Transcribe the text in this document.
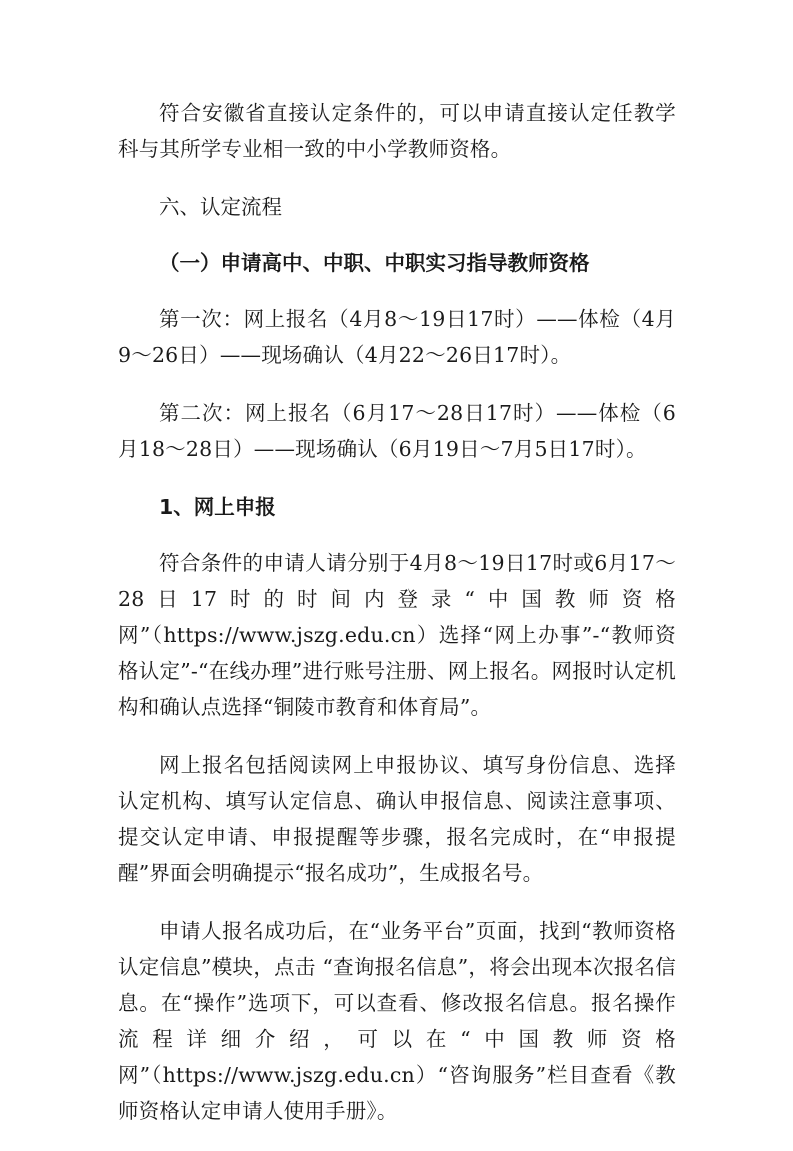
符合安徽省直接认定条件的，可以申请直接认定任教学科与其所学专业相一致的中小学教师资格。

六、认定流程

（一）申请高中、中职、中职实习指导教师资格

第一次：网上报名（4月8～19日17时）——体检（4月9～26日）——现场确认（4月22～26日17时）。

第二次：网上报名（6月17～28日17时）——体检（6月18～28日）——现场确认（6月19日～7月5日17时）。

1、网上申报

符合条件的申请人请分别于4月8～19日17时或6月17～28日17时的时间内登录“中国教师资格网”（https://www.jszg.edu.cn）选择“网上办事”-“教师资格认定”-“在线办理”进行账号注册、网上报名。网报时认定机构和确认点选择“铜陵市教育和体育局”。

网上报名包括阅读网上申报协议、填写身份信息、选择认定机构、填写认定信息、确认申报信息、阅读注意事项、提交认定申请、申报提醒等步骤，报名完成时，在“申报提醒”界面会明确提示“报名成功”，生成报名号。

申请人报名成功后，在“业务平台”页面，找到“教师资格认定信息”模块，点击 “查询报名信息”，将会出现本次报名信息。在“操作”选项下，可以查看、修改报名信息。报名操作流程详细介绍，可以在“中国教师资格网”（https://www.jszg.edu.cn）“咨询服务”栏目查看《教师资格认定申请人使用手册》。
